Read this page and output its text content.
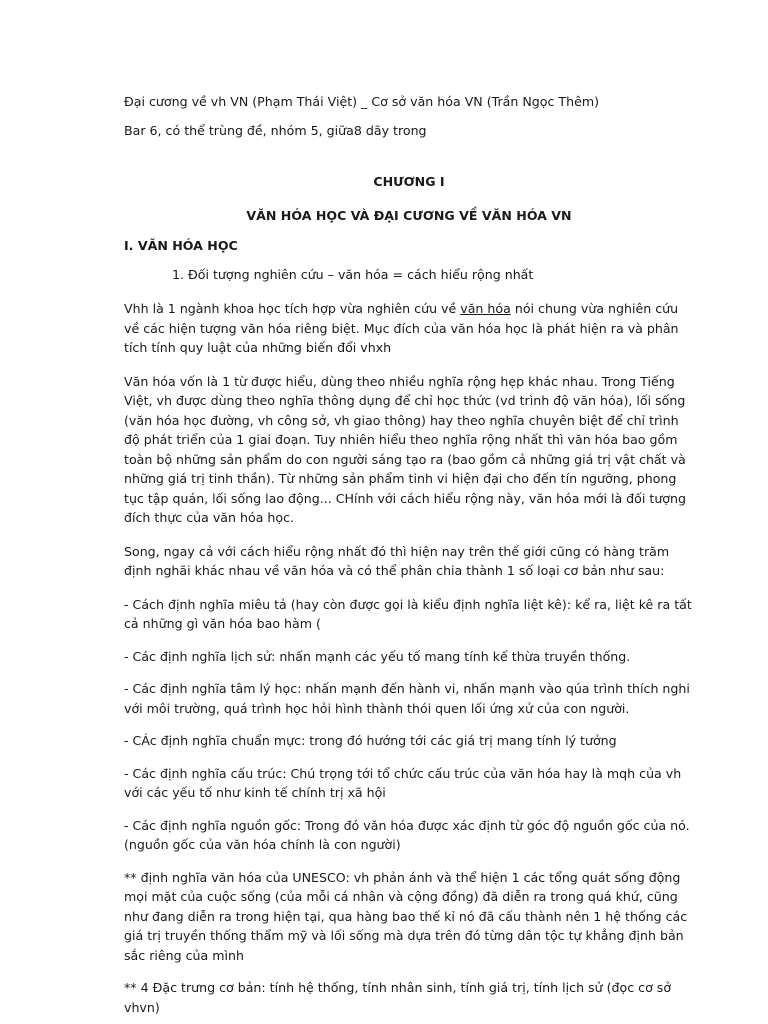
Đại cương về vh VN (Phạm Thái Việt) _ Cơ sở văn hóa VN (Trần Ngọc Thêm)

Bar 6, có thể trùng đề, nhóm 5, giữa8 dãy trong

CHƯƠNG I

VĂN HÓA HỌC VÀ ĐẠI CƯƠNG VỀ VĂN HÓA VN

I. VĂN HÓA HỌC

1. Đối tượng nghiên cứu – văn hóa = cách hiểu rộng nhất

Vhh là 1 ngành khoa học tích hợp vừa nghiên cứu về văn hóa nói chung vừa nghiên cứu về các hiện tượng văn hóa riêng biệt. Mục đích của văn hóa học là phát hiện ra và phân tích tính quy luật của những biến đổi vhxh

Văn hóa vốn là 1 từ được hiểu, dùng theo nhiều nghĩa rộng hẹp khác nhau. Trong Tiếng Việt, vh được dùng theo nghĩa thông dụng để chỉ học thức (vd trình độ văn hóa), lối sống (văn hóa học đường, vh công sở, vh giao thông) hay theo nghĩa chuyên biệt để chỉ trình độ phát triển của 1 giai đoạn. Tuy nhiên hiểu theo nghĩa rộng nhất thì văn hóa bao gồm toàn bộ những sản phẩm do con người sáng tạo ra (bao gồm cả những giá trị vật chất và những giá trị tinh thần). Từ những sản phẩm tinh vi hiện đại cho đến tín ngưỡng, phong tục tập quán, lối sống lao động... CHính với cách hiểu rộng này, văn hóa mới là đối tượng đích thực của văn hóa học.

Song, ngay cả với cách hiểu rộng nhất đó thì hiện nay trên thế giới cũng có hàng trăm định nghãi khác nhau về văn hóa và có thể phân chia thành 1 số loại cơ bản như sau:

- Cách định nghĩa miêu tả (hay còn được gọi là kiểu định nghĩa liệt kê): kể ra, liệt kê ra tất cả những gì văn hóa bao hàm (

- Các định nghĩa lịch sử: nhấn mạnh các yếu tố mang tính kế thừa truyền thống.

- Các định nghĩa tâm lý học: nhấn mạnh đến hành vi, nhấn mạnh vào qúa trình thích nghi với môi trường, quá trình học hỏi hình thành thói quen lối ứng xử của con người.

- CÁc định nghĩa chuẩn mực: trong đó hướng tới các giá trị mang tính lý tưởng

- Các định nghĩa cấu trúc: Chú trọng tới tổ chức cấu trúc của văn hóa hay là mqh của vh với các yếu tố như kinh tế chính trị xã hội

- Các định nghĩa nguồn gốc: Trong đó văn hóa được xác định từ góc độ nguồn gốc của nó. (nguồn gốc của văn hóa chính là con người)

** định nghĩa văn hóa của UNESCO: vh phản ánh và thể hiện 1 các tổng quát sống động mọi mặt của cuộc sống (của mỗi cá nhân và cộng đồng) đã diễn ra trong quá khứ, cũng như đang diễn ra trong hiện tại, qua hàng bao thế kỉ nó đã cấu thành nên 1 hệ thống các giá trị truyền thống thẩm mỹ và lối sống mà dựa trên đó từng dân tộc tự khẳng định bản sắc riêng của mình

** 4 Đặc trưng cơ bản: tính hệ thống, tính nhân sinh, tính giá trị, tính lịch sử (đọc cơ sở vhvn)
